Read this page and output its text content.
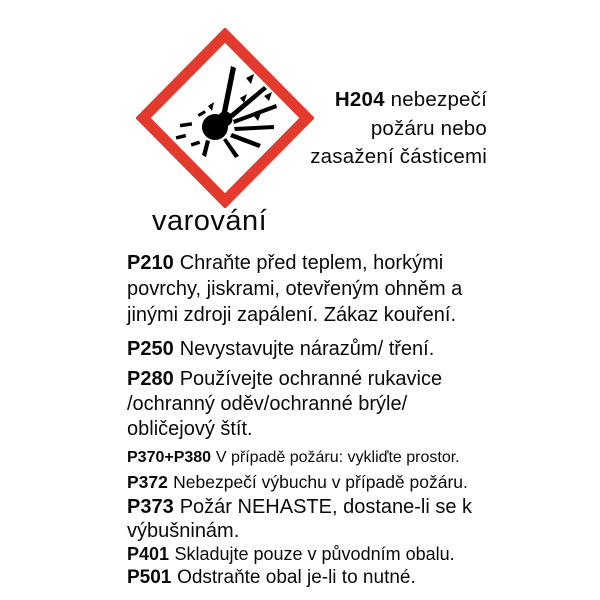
H204 nebezpečí
požáru nebo
zasažení částicemi
varování

P210 Chraňte před teplem, horkými povrchy, jiskrami, otevřeným ohněm a jinými zdroji zapálení. Zákaz kouření.

P250 Nevystavujte nárazům/ tření.

P280 Používejte ochranné rukavice /ochranný oděv/ochranné brýle/ obličejový štít.

P370+P380 V případě požáru: vykliďte prostor.

P372 Nebezpečí výbuchu v případě požáru.

P373 Požár NEHASTE, dostane-li se k výbušninám.

P401 Skladujte pouze v původním obalu.

P501 Odstraňte obal je-li to nutné.
